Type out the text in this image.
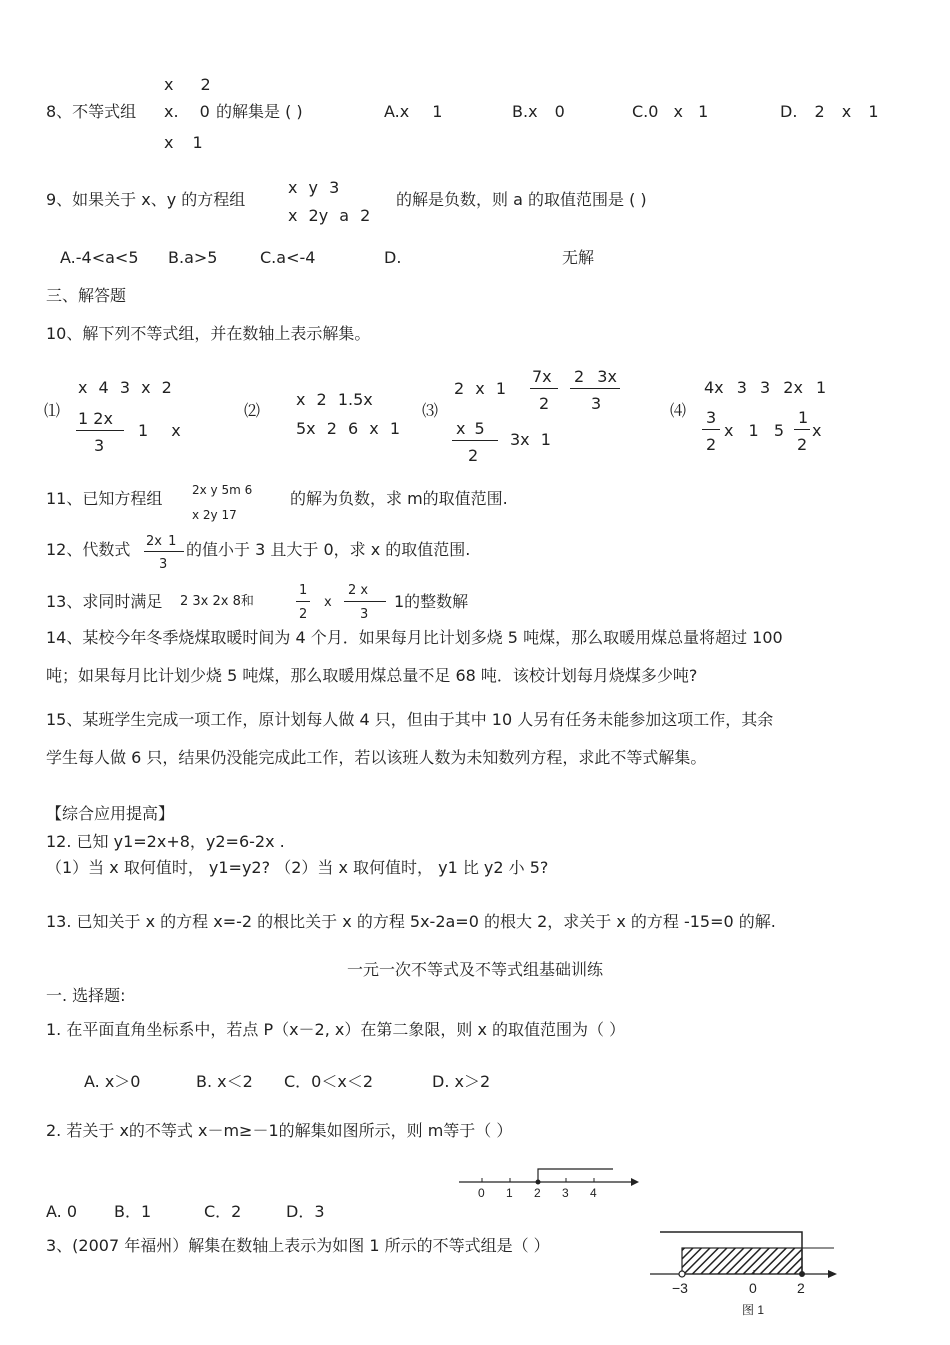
x 2
8、不等式组 x. 0 的解集是 ( )	A.x 1	B.x 0	C.0 x 1	D. 2 x 1
x 1
x y 3
9、如果关于 x、y 的方程组	的解是负数，则 a 的取值范围是 ( )
x 2y a 2
A.-4<a<5 B.a>5	C.a<-4	D.	无解
三、解答题
10、解下列不等式组，并在数轴上表示解集。
⑴
x 4 3 x 2
1 2x
3
1 x
⑵
x 2 1.5x
5x 2 6 x 1
⑶
2 x 1
7x
2
2 3x
3
x 5
2
3x 1
⑷
4x 3 3 2x 1
3
2
x 1 5
1
2
x
2x y 5m 6
11、已知方程组	的解为负数，求 m的取值范围.
x 2y 17
12、代数式 2x 1
3
的值小于 3 且大于 0，求 x 的取值范围.
13、求同时满足 2 3x 2x 8和
1
2
x
2 x
3
1的整数解
14、某校今年冬季烧煤取暖时间为 4 个月．如果每月比计划多烧 5 吨煤，那么取暖用煤总量将超过 100
吨；如果每月比计划少烧 5 吨煤，那么取暖用煤总量不足 68 吨．该校计划每月烧煤多少吨?
15、某班学生完成一项工作，原计划每人做 4 只，但由于其中 10 人另有任务未能参加这项工作，其余
学生每人做 6 只，结果仍没能完成此工作，若以该班人数为未知数列方程，求此不等式解集。
【综合应用提高】
12. 已知 y1=2x+8，y2=6-2x .
（1）当 x 取何值时， y1=y2? （2）当 x 取何值时， y1 比 y2 小 5?
13. 已知关于 x 的方程 x=-2 的根比关于 x 的方程 5x-2a=0 的根大 2，求关于 x 的方程 -15=0 的解.
一元一次不等式及不等式组基础训练
一. 选择题:
1. 在平面直角坐标系中，若点 P（x－2, x）在第二象限，则 x 的取值范围为（ ）
A. x＞0	B. x＜2 C．0＜x＜2	D. x＞2
2. 若关于 x的不等式 x－m≥－1的解集如图所示，则 m等于（ ）
0 1 2 3 4
A. 0 B．1	C．2	D．3
3、(2007 年福州）解集在数轴上表示为如图 1 所示的不等式组是（ ）
−3	0	2
图 1
